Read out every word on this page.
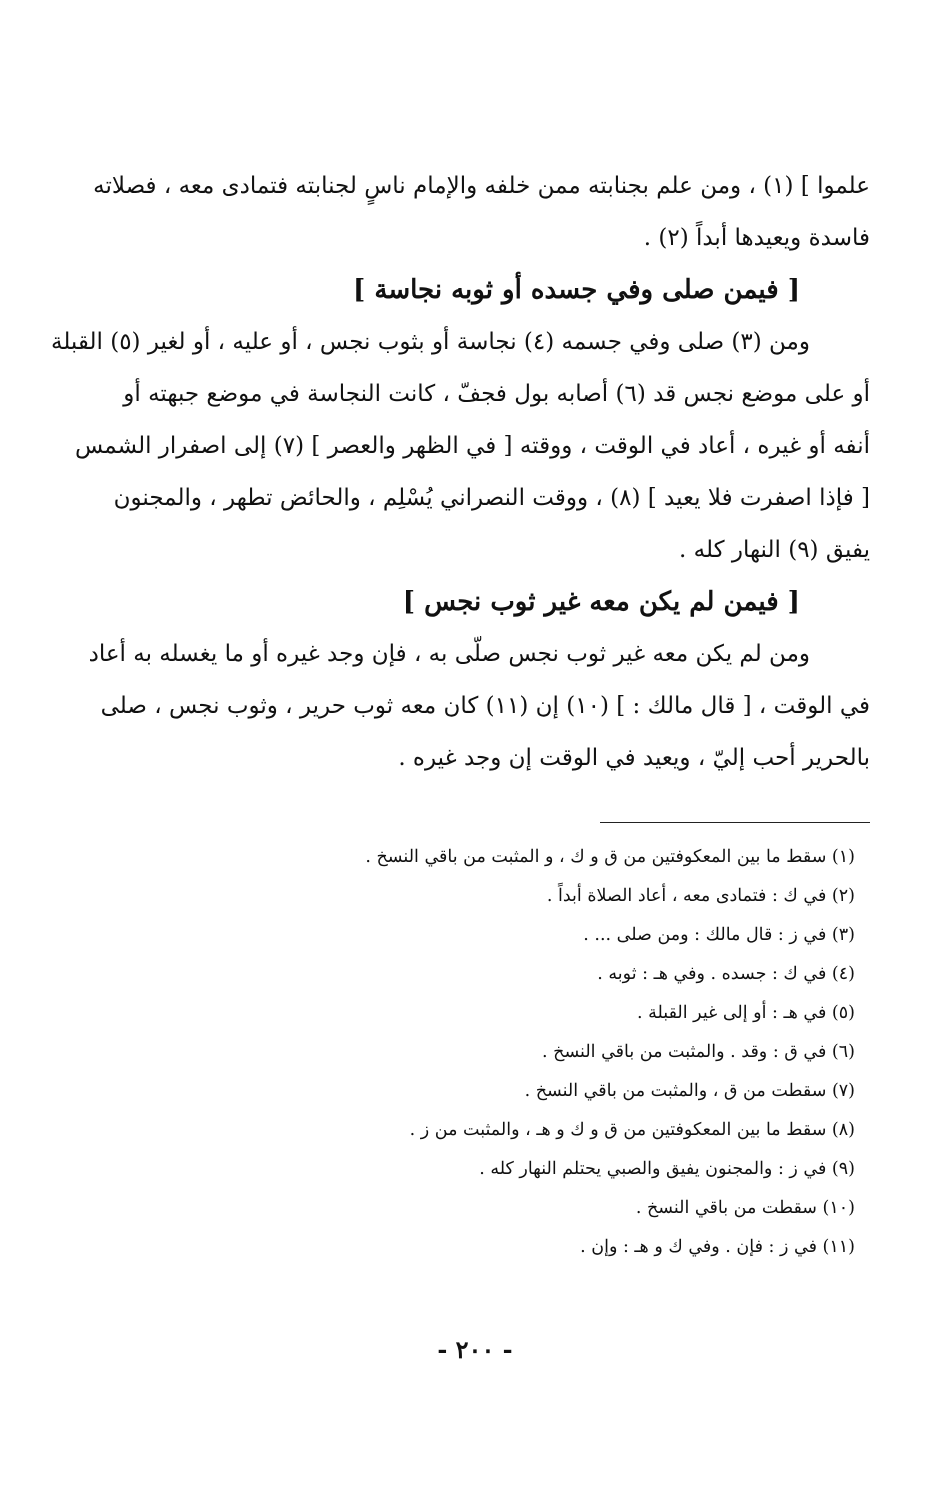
علموا ] (١) ، ومن علم بجنابته ممن خلفه والإمام ناسٍ لجنابته فتمادى معه ، فصلاته
فاسدة ويعيدها أبداً (٢) .
[ فيمن صلى وفي جسده أو ثوبه نجاسة ]
ومن (٣) صلى وفي جسمه (٤) نجاسة أو بثوب نجس ، أو عليه ، أو لغير (٥) القبلة
أو على موضع نجس قد (٦) أصابه بول فجفّ ، كانت النجاسة في موضع جبهته أو
أنفه أو غيره ، أعاد في الوقت ، ووقته [ في الظهر والعصر ] (٧) إلى اصفرار الشمس
[ فإذا اصفرت فلا يعيد ] (٨) ، ووقت النصراني يُسْلِم ، والحائض تطهر ، والمجنون
يفيق (٩) النهار كله .
[ فيمن لم يكن معه غير ثوب نجس ]
ومن لم يكن معه غير ثوب نجس صلّى به ، فإن وجد غيره أو ما يغسله به أعاد
في الوقت ، [ قال مالك : ] (١٠) إن (١١) كان معه ثوب حرير ، وثوب نجس ، صلى
بالحرير أحب إليّ ، ويعيد في الوقت إن وجد غيره .
(١) سقط ما بين المعكوفتين من ق و ك ، و المثبت من باقي النسخ .
(٢) في ك : فتمادى معه ، أعاد الصلاة أبداً .
(٣) في ز : قال مالك : ومن صلى ... .
(٤) في ك : جسده . وفي هـ : ثوبه .
(٥) في هـ : أو إلى غير القبلة .
(٦) في ق : وقد . والمثبت من باقي النسخ .
(٧) سقطت من ق ، والمثبت من باقي النسخ .
(٨) سقط ما بين المعكوفتين من ق و ك و هـ ، والمثبت من ز .
(٩) في ز : والمجنون يفيق والصبي يحتلم النهار كله .
(١٠) سقطت من باقي النسخ .
(١١) في ز : فإن . وفي ك و هـ : وإن .
- ٢٠٠ -
